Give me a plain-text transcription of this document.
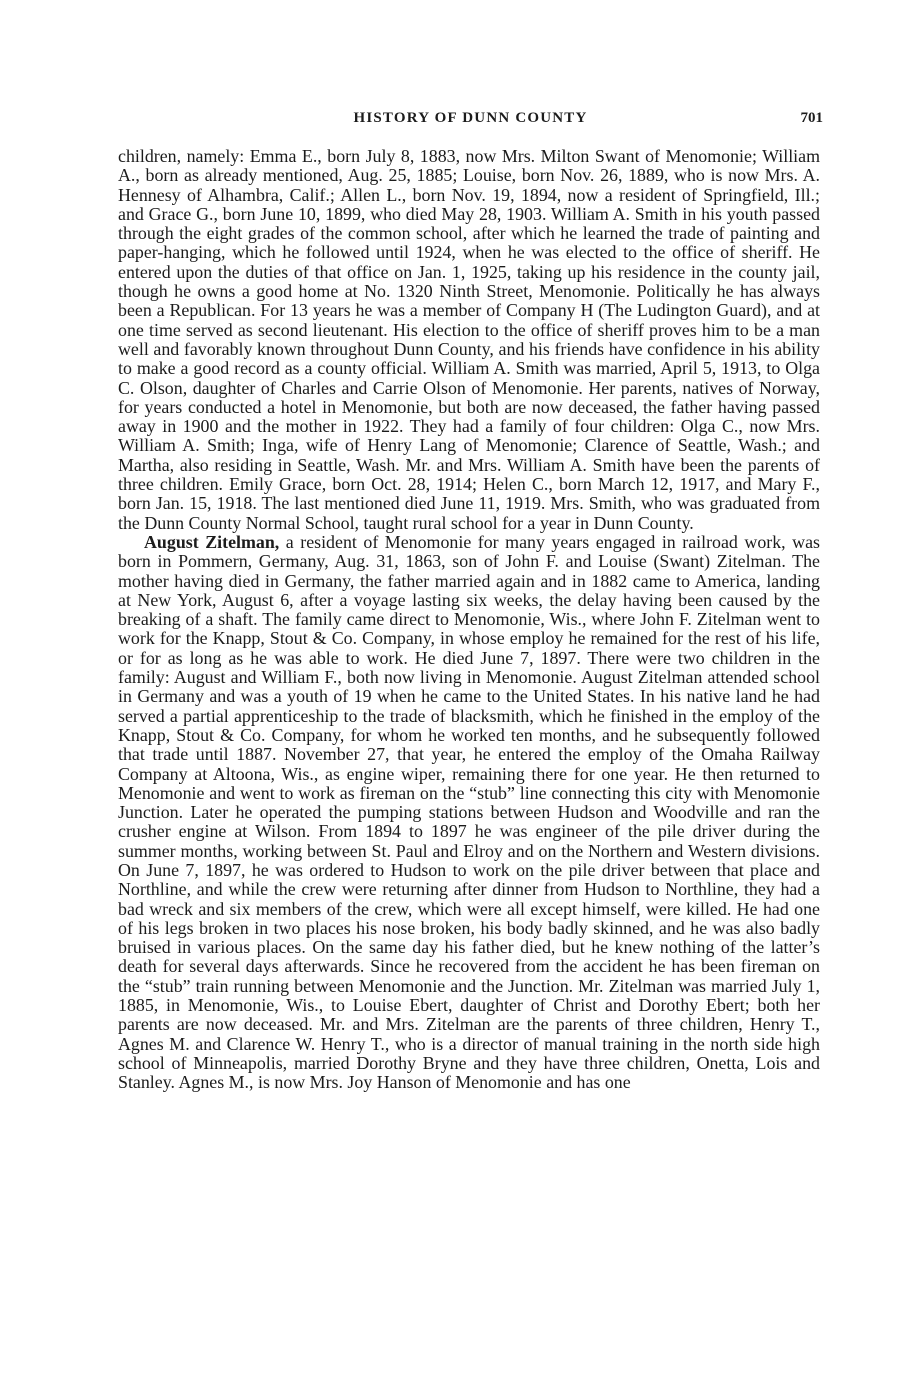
HISTORY OF DUNN COUNTY	701

children, namely: Emma E., born July 8, 1883, now Mrs. Milton Swant of Menomonie; William A., born as already mentioned, Aug. 25, 1885; Louise, born Nov. 26, 1889, who is now Mrs. A. Hennesy of Alhambra, Calif.; Allen L., born Nov. 19, 1894, now a resident of Springfield, Ill.; and Grace G., born June 10, 1899, who died May 28, 1903. William A. Smith in his youth passed through the eight grades of the common school, after which he learned the trade of painting and paper-hanging, which he followed until 1924, when he was elected to the office of sheriff. He entered upon the duties of that office on Jan. 1, 1925, taking up his residence in the county jail, though he owns a good home at No. 1320 Ninth Street, Menomonie. Politically he has always been a Republican. For 13 years he was a member of Company H (The Ludington Guard), and at one time served as second lieutenant. His election to the office of sheriff proves him to be a man well and favorably known throughout Dunn County, and his friends have confidence in his ability to make a good record as a county official. William A. Smith was married, April 5, 1913, to Olga C. Olson, daughter of Charles and Carrie Olson of Menomonie. Her parents, natives of Norway, for years conducted a hotel in Menomonie, but both are now deceased, the father having passed away in 1900 and the mother in 1922. They had a family of four children: Olga C., now Mrs. William A. Smith; Inga, wife of Henry Lang of Menomonie; Clarence of Seattle, Wash.; and Martha, also residing in Seattle, Wash. Mr. and Mrs. William A. Smith have been the parents of three children. Emily Grace, born Oct. 28, 1914; Helen C., born March 12, 1917, and Mary F., born Jan. 15, 1918. The last mentioned died June 11, 1919. Mrs. Smith, who was graduated from the Dunn County Normal School, taught rural school for a year in Dunn County.

August Zitelman, a resident of Menomonie for many years engaged in railroad work, was born in Pommern, Germany, Aug. 31, 1863, son of John F. and Louise (Swant) Zitelman. The mother having died in Germany, the father married again and in 1882 came to America, landing at New York, August 6, after a voyage lasting six weeks, the delay having been caused by the breaking of a shaft. The family came direct to Menomonie, Wis., where John F. Zitelman went to work for the Knapp, Stout & Co. Company, in whose employ he remained for the rest of his life, or for as long as he was able to work. He died June 7, 1897. There were two children in the family: August and William F., both now living in Menomonie. August Zitelman attended school in Germany and was a youth of 19 when he came to the United States. In his native land he had served a partial apprenticeship to the trade of blacksmith, which he finished in the employ of the Knapp, Stout & Co. Company, for whom he worked ten months, and he subsequently followed that trade until 1887. November 27, that year, he entered the employ of the Omaha Railway Company at Altoona, Wis., as engine wiper, remaining there for one year. He then returned to Menomonie and went to work as fireman on the “stub” line connecting this city with Menomonie Junction. Later he operated the pumping stations between Hudson and Woodville and ran the crusher engine at Wilson. From 1894 to 1897 he was engineer of the pile driver during the summer months, working between St. Paul and Elroy and on the Northern and Western divisions. On June 7, 1897, he was ordered to Hudson to work on the pile driver between that place and Northline, and while the crew were returning after dinner from Hudson to Northline, they had a bad wreck and six members of the crew, which were all except himself, were killed. He had one of his legs broken in two places his nose broken, his body badly skinned, and he was also badly bruised in various places. On the same day his father died, but he knew nothing of the latter’s death for several days afterwards. Since he recovered from the accident he has been fireman on the “stub” train running between Menomonie and the Junction. Mr. Zitelman was married July 1, 1885, in Menomonie, Wis., to Louise Ebert, daughter of Christ and Dorothy Ebert; both her parents are now deceased. Mr. and Mrs. Zitelman are the parents of three children, Henry T., Agnes M. and Clarence W. Henry T., who is a director of manual training in the north side high school of Minneapolis, married Dorothy Bryne and they have three children, Onetta, Lois and Stanley. Agnes M., is now Mrs. Joy Hanson of Menomonie and has one
